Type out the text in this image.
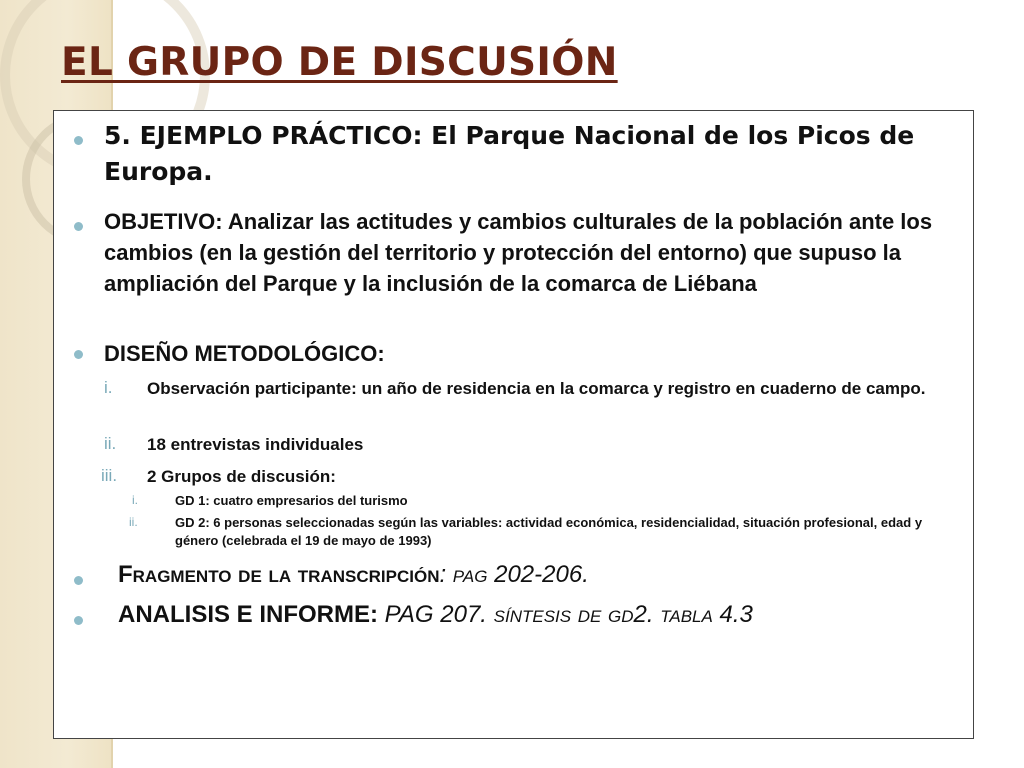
EL GRUPO DE DISCUSIÓN
5. EJEMPLO PRÁCTICO: El Parque Nacional de los Picos de Europa.
OBJETIVO: Analizar las actitudes y cambios culturales de la población ante los cambios (en la gestión del territorio y protección del entorno) que supuso la ampliación del Parque y la inclusión de la comarca de Liébana
DISEÑO METODOLÓGICO:
i. Observación participante: un año de residencia en la comarca y registro en cuaderno de campo.
ii. 18 entrevistas individuales
iii. 2 Grupos de discusión:
i.	GD 1: cuatro empresarios del turismo
ii.	GD 2: 6 personas seleccionadas según las variables: actividad económica, residencialidad, situación profesional, edad y género (celebrada el 19 de mayo de 1993)
Fragmento de la transcripción: pag 202-206.
ANALISIS E INFORME: PAG 207. síntesis de gd2. tabla 4.3
